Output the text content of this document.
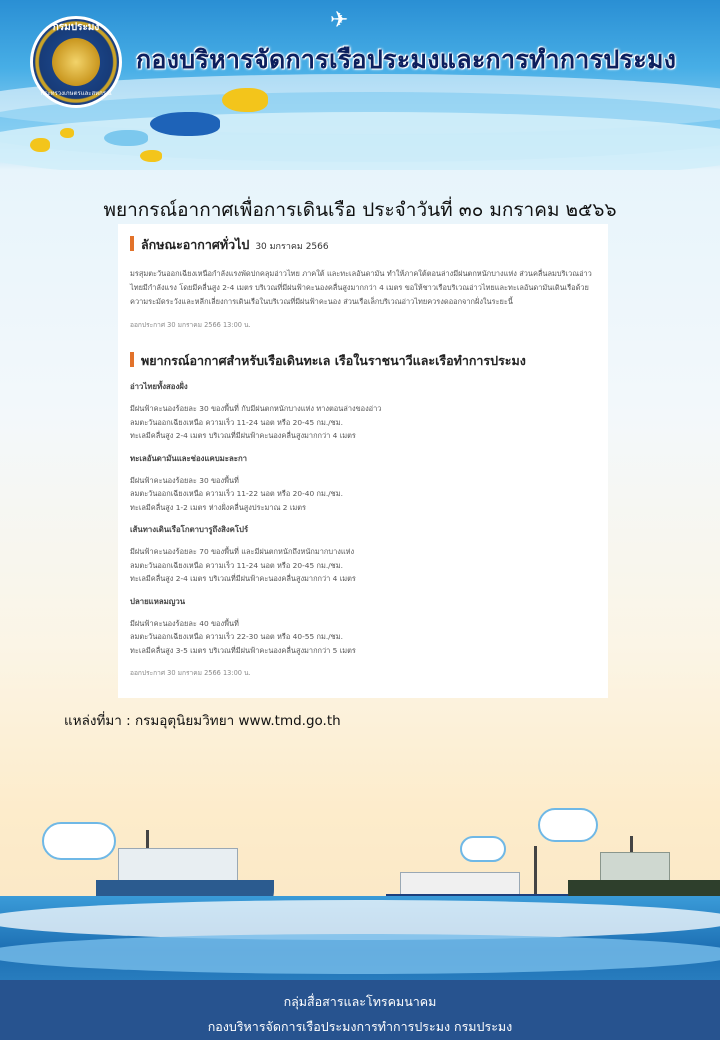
✈
กรมประมง
กระทรวงเกษตรและสหกรณ์
กองบริหารจัดการเรือประมงและการทำการประมง
พยากรณ์อากาศเพื่อการเดินเรือ ประจำวันที่ ๓๐ มกราคม ๒๕๖๖
ลักษณะอากาศทั่วไป 30 มกราคม 2566

มรสุมตะวันออกเฉียงเหนือกำลังแรงพัดปกคลุมอ่าวไทย ภาคใต้ และทะเลอันดามัน ทำให้ภาคใต้ตอนล่างมีฝนตกหนักบางแห่ง ส่วนคลื่นลมบริเวณอ่าวไทยมีกำลังแรง โดยมีคลื่นสูง 2-4 เมตร บริเวณที่มีฝนฟ้าคะนองคลื่นสูงมากกว่า 4 เมตร ขอให้ชาวเรือบริเวณอ่าวไทยและทะเลอันดามันเดินเรือด้วยความระมัดระวังและหลีกเลี่ยงการเดินเรือในบริเวณที่มีฝนฟ้าคะนอง ส่วนเรือเล็กบริเวณอ่าวไทยควรงดออกจากฝั่งในระยะนี้

ออกประกาศ 30 มกราคม 2566 13:00 น.

พยากรณ์อากาศสำหรับเรือเดินทะเล เรือในราชนาวีและเรือทำการประมง
อ่าวไทยทั้งสองฝั่ง
มีฝนฟ้าคะนองร้อยละ 30 ของพื้นที่ กับมีฝนตกหนักบางแห่ง ทางตอนล่างของอ่าว
ลมตะวันออกเฉียงเหนือ ความเร็ว 11-24 นอต หรือ 20-45 กม./ชม.
ทะเลมีคลื่นสูง 2-4 เมตร บริเวณที่มีฝนฟ้าคะนองคลื่นสูงมากกว่า 4 เมตร
ทะเลอันดามันและช่องแคบมะละกา
มีฝนฟ้าคะนองร้อยละ 30 ของพื้นที่
ลมตะวันออกเฉียงเหนือ ความเร็ว 11-22 นอต หรือ 20-40 กม./ชม.
ทะเลมีคลื่นสูง 1-2 เมตร ห่างฝั่งคลื่นสูงประมาณ 2 เมตร
เส้นทางเดินเรือโกตาบารูถึงสิงคโปร์
มีฝนฟ้าคะนองร้อยละ 70 ของพื้นที่ และมีฝนตกหนักถึงหนักมากบางแห่ง
ลมตะวันออกเฉียงเหนือ ความเร็ว 11-24 นอต หรือ 20-45 กม./ชม.
ทะเลมีคลื่นสูง 2-4 เมตร บริเวณที่มีฝนฟ้าคะนองคลื่นสูงมากกว่า 4 เมตร
ปลายแหลมญวน
มีฝนฟ้าคะนองร้อยละ 40 ของพื้นที่
ลมตะวันออกเฉียงเหนือ ความเร็ว 22-30 นอต หรือ 40-55 กม./ชม.
ทะเลมีคลื่นสูง 3-5 เมตร บริเวณที่มีฝนฟ้าคะนองคลื่นสูงมากกว่า 5 เมตร

ออกประกาศ 30 มกราคม 2566 13:00 น.

แหล่งที่มา : กรมอุตุนิยมวิทยา www.tmd.go.th
กลุ่มสื่อสารและโทรคมนาคม
กองบริหารจัดการเรือประมงการทำการประมง กรมประมง
